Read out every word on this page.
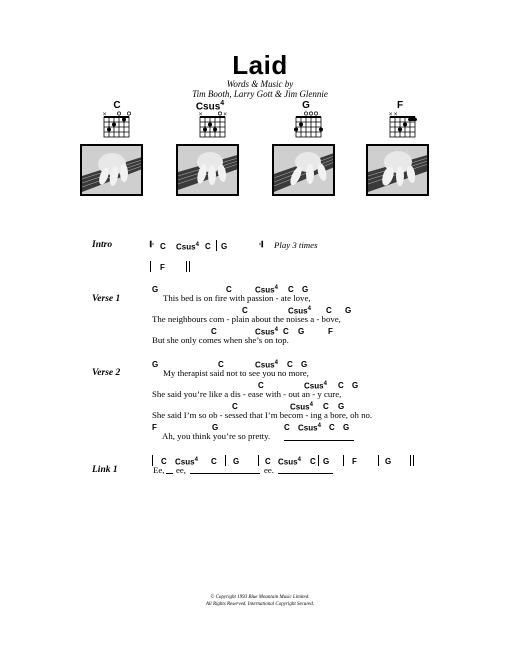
Laid
Words & Music by
Tim Booth, Larry Gott & Jim Glennie
C	Csus$^4$	G	F
×	×	×	× ×
Intro	𝄆 C Csus$^4$ C G	𝄇 Play 3 times
F
Verse 1
G	C	Csus$^4$ C G
This bed is on fire with passion - ate love,
C	Csus$^4$ C G
The neighbours com - plain about the noises a - bove,
C	Csus$^4$ C G	F
But she only comes when she’s on top.
Verse 2
G	C	Csus$^4$ C G
My therapist said not to see you no more,
C	Csus$^4$ C G
She said you’re like a dis - ease with - out an - y cure,
C	Csus$^4$ C G
She said I’m so ob - sessed that I’m becom - ing a bore, oh no.
F	G	C Csus$^4$ C G
Ah, you think you’re so pretty.
Link 1
C Csus$^4$ C G	C Csus$^4$ C G	F	G
Ee, ee,	ee.
© Copyright 1993 Blue Mountain Music Limited.
All Rights Reserved. International Copyright Secured.
